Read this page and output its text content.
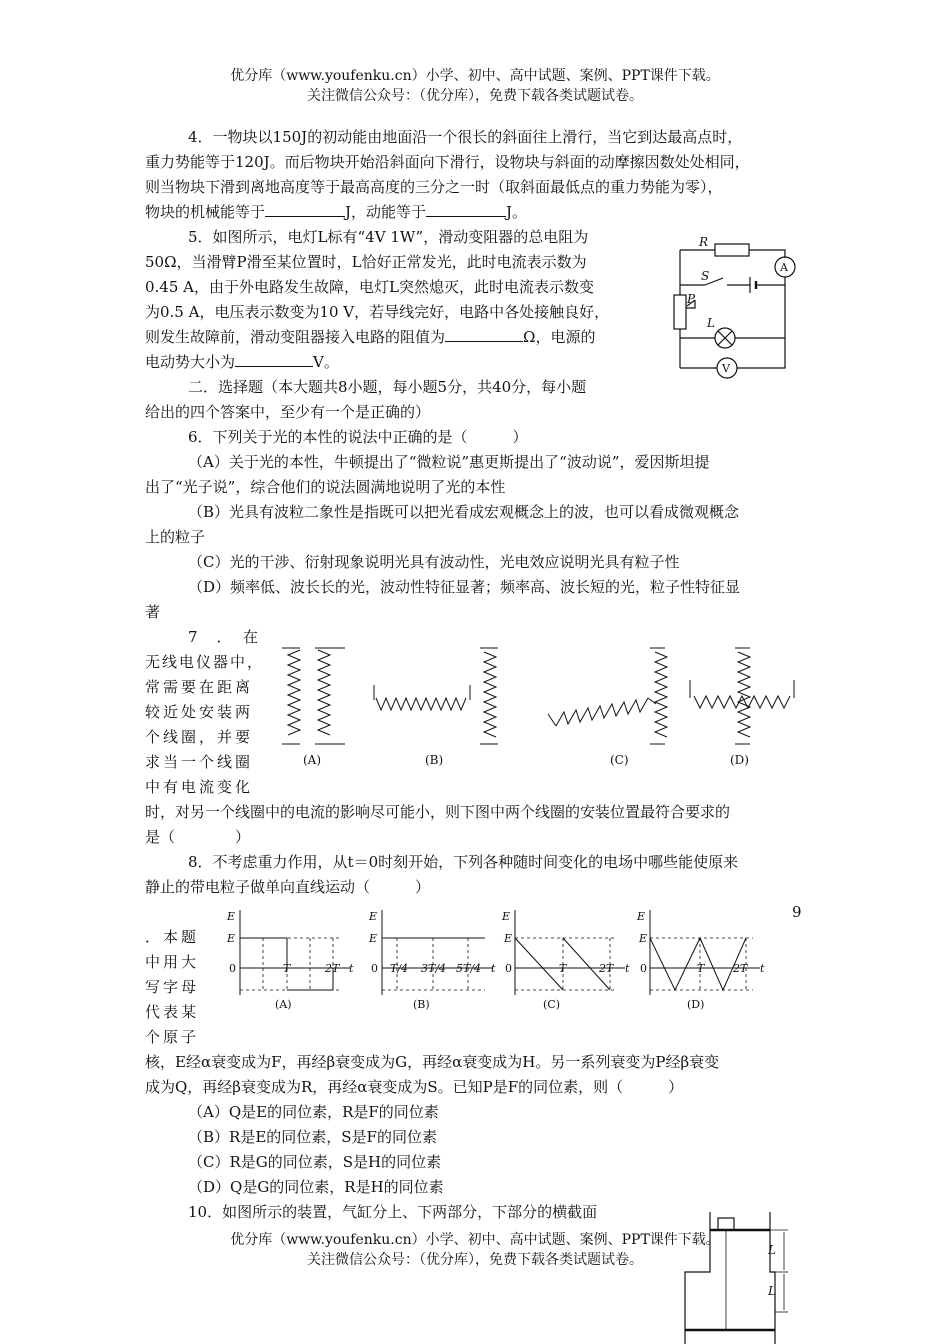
优分库（www.youfenku.cn）小学、初中、高中试题、案例、PPT课件下载。
关注微信公众号：（优分库），免费下载各类试题试卷。
4．一物块以150J的初动能由地面沿一个很长的斜面往上滑行，当它到达最高点时，
重力势能等于120J。而后物块开始沿斜面向下滑行，设物块与斜面的动摩擦因数处处相同，
则当物块下滑到离地高度等于最高高度的三分之一时（取斜面最低点的重力势能为零），
物块的机械能等于	J，动能等于	J。
5．如图所示，电灯L标有“4V 1W”，滑动变阻器的总电阻为
50Ω，当滑臂P滑至某位置时，L恰好正常发光，此时电流表示数为
0.45 A，由于外电路发生故障，电灯L突然熄灭，此时电流表示数变
为0.5 A，电压表示数变为10 V，若导线完好，电路中各处接触良好，
则发生故障前，滑动变阻器接入电路的阻值为	Ω，电源的
电动势大小为	V。
R
A
S
P
L
V
二．选择题（本大题共8小题，每小题5分，共40分，每小题
给出的四个答案中，至少有一个是正确的）
6．下列关于光的本性的说法中正确的是（　　　）
（A）关于光的本性，牛顿提出了“微粒说”惠更斯提出了“波动说”，爱因斯坦提
出了“光子说”，综合他们的说法圆满地说明了光的本性
（B）光具有波粒二象性是指既可以把光看成宏观概念上的波，也可以看成微观概念
上的粒子
（C）光的干涉、衍射现象说明光具有波动性，光电效应说明光具有粒子性
（D）频率低、波长长的光，波动性特征显著；频率高、波长短的光，粒子性特征显
著
7　．　在
无线电仪器中，
常需要在距离
较近处安装两
个线圈，并要
求当一个线圈
中有电流变化
时，对另一个线圈中的电流的影响尽可能小，则下图中两个线圈的安装位置最符合要求的
是（　　　　）
(A)	(B)	(C)	(D)
8．不考虑重力作用，从t＝0时刻开始，下列各种随时间变化的电场中哪些能使原来
静止的带电粒子做单向直线运动（　　　）
9
．本题
中用大
写字母
代表某
个原子
E
E
0	T	2T t
(A)
E
E
0 T/4 3T/4 5T/4 t
(B)
E
E
0	T	2T t
(C)
E
E
0	T	2T t
(D)
核，E经α衰变成为F，再经β衰变成为G，再经α衰变成为H。另一系列衰变为P经β衰变
成为Q，再经β衰变成为R，再经α衰变成为S。已知P是F的同位素，则（　　　）
（A）Q是E的同位素，R是F的同位素
（B）R是E的同位素，S是F的同位素
（C）R是G的同位素，S是H的同位素
（D）Q是G的同位素，R是H的同位素
10．如图所示的装置，气缸分上、下两部分，下部分的横截面
L
L
优分库（www.youfenku.cn）小学、初中、高中试题、案例、PPT课件下载。
关注微信公众号：（优分库），免费下载各类试题试卷。
